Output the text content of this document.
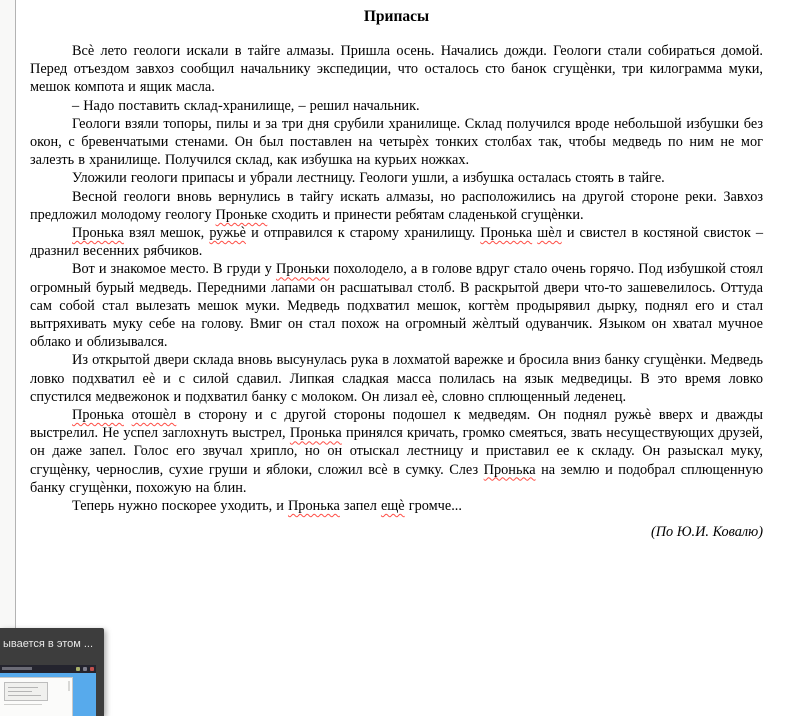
Припасы

Всѐ лето геологи искали в тайге алмазы. Пришла осень. Начались дожди. Геологи стали собираться домой. Перед отъездом завхоз сообщил начальнику экспедиции, что осталось сто банок сгущѐнки, три килограмма муки, мешок компота и ящик масла.

– Надо поставить склад-хранилище, – решил начальник.

Геологи взяли топоры, пилы и за три дня срубили хранилище. Склад получился вроде небольшой избушки без окон, с бревенчатыми стенами. Он был поставлен на четырѐх тонких столбах так, чтобы медведь по ним не мог залезть в хранилище. Получился склад, как избушка на курьих ножках.

Уложили геологи припасы и убрали лестницу. Геологи ушли, а избушка осталась стоять в тайге.

Весной геологи вновь вернулись в тайгу искать алмазы, но расположились на другой стороне реки. Завхоз предложил молодому геологу Проньке сходить и принести ребятам сладенькой сгущѐнки.

Пронька взял мешок, ружьѐ и отправился к старому хранилищу. Пронька шѐл и свистел в костяной свисток – дразнил весенних рябчиков.

Вот и знакомое место. В груди у Проньки похолодело, а в голове вдруг стало очень горячо. Под избушкой стоял огромный бурый медведь. Передними лапами он расшатывал столб. В раскрытой двери что-то зашевелилось. Оттуда сам собой стал вылезать мешок муки. Медведь подхватил мешок, когтѐм продырявил дырку, поднял его и стал вытряхивать муку себе на голову. Вмиг он стал похож на огромный жѐлтый одуванчик. Языком он хватал мучное облако и облизывался.

Из открытой двери склада вновь высунулась рука в лохматой варежке и бросила вниз банку сгущѐнки. Медведь ловко подхватил еѐ и с силой сдавил. Липкая сладкая масса полилась на язык медведицы. В это время ловко спустился медвежонок и подхватил банку с молоком. Он лизал еѐ, словно сплющенный леденец.

Пронька отошѐл в сторону и с другой стороны подошел к медведям. Он поднял ружьѐ вверх и дважды выстрелил. Не успел заглохнуть выстрел, Пронька принялся кричать, громко смеяться, звать несуществующих друзей, он даже запел. Голос его звучал хрипло, но он отыскал лестницу и приставил ее к складу. Он разыскал муку, сгущѐнку, чернослив, сухие груши и яблоки, сложил всѐ в сумку. Слез Пронька на землю и подобрал сплющенную банку сгущѐнки, похожую на блин.

Теперь нужно поскорее уходить, и Пронька запел ещѐ громче...

(По Ю.И. Ковалю)

ывается в этом ...
